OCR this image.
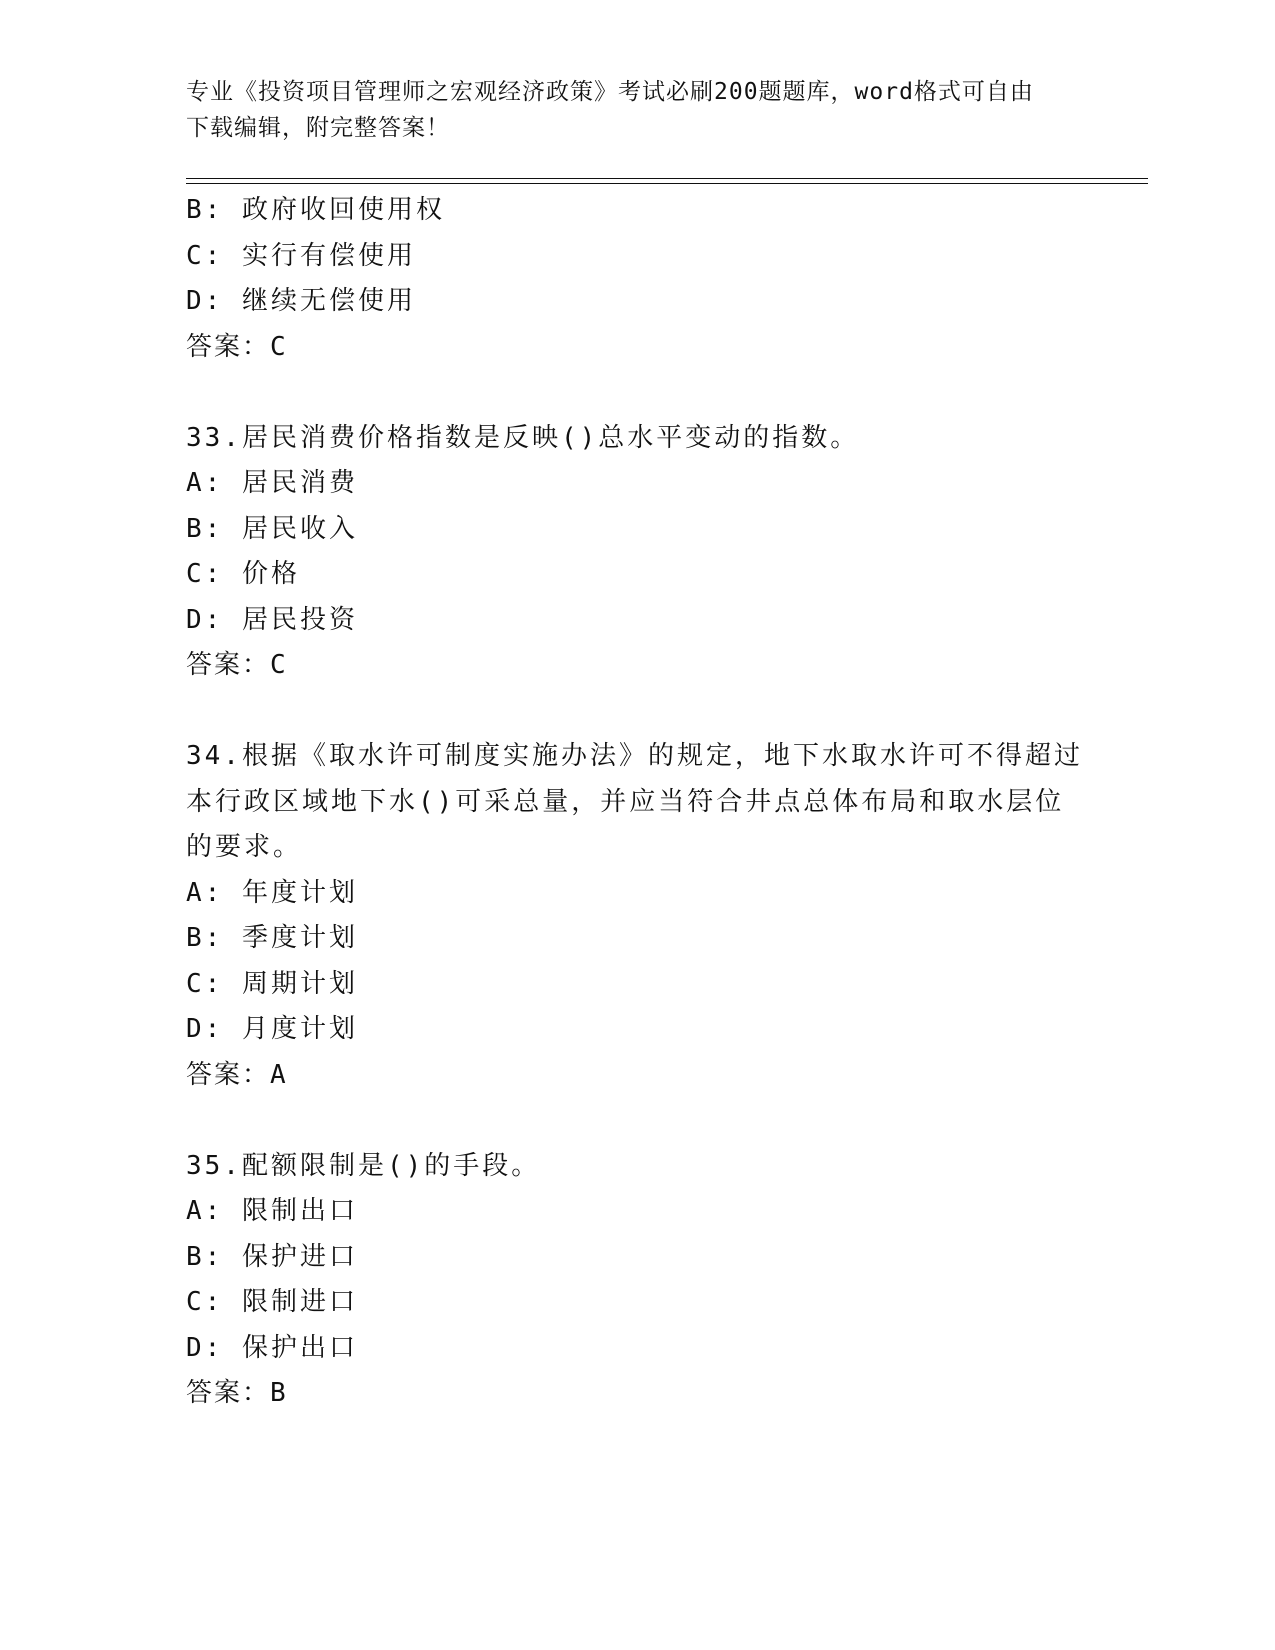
专业《投资项目管理师之宏观经济政策》考试必刷200题题库，word格式可自由
下载编辑，附完整答案！
B: 政府收回使用权
C: 实行有偿使用
D: 继续无偿使用
答案：C
33.居民消费价格指数是反映()总水平变动的指数。
A: 居民消费
B: 居民收入
C: 价格
D: 居民投资
答案：C
34.根据《取水许可制度实施办法》的规定，地下水取水许可不得超过
本行政区域地下水()可采总量，并应当符合井点总体布局和取水层位
的要求。
A: 年度计划
B: 季度计划
C: 周期计划
D: 月度计划
答案：A
35.配额限制是()的手段。
A: 限制出口
B: 保护进口
C: 限制进口
D: 保护出口
答案：B
